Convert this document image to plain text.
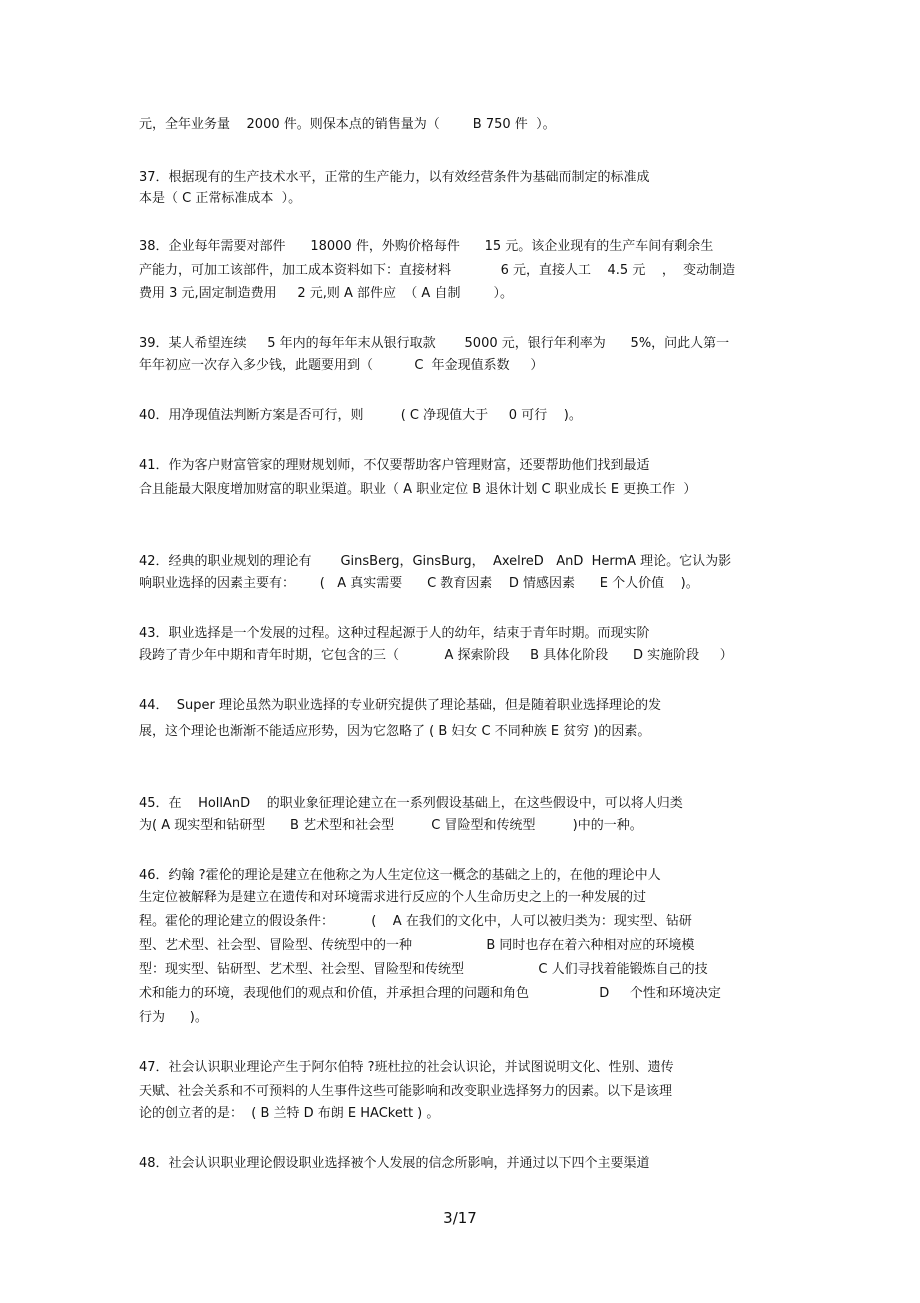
元，全年业务量    2000 件。则保本点的销售量为（        B 750 件  ）。
37．根据现有的生产技术水平，正常的生产能力，以有效经营条件为基础而制定的标准成
本是（ C 正常标准成本  ）。
38．企业每年需要对部件      18000 件，外购价格每件      15 元。该企业现有的生产车间有剩余生
产能力，可加工该部件，加工成本资料如下：直接材料            6 元，直接人工    4.5 元    ，  变动制造
费用 3 元,固定制造费用     2 元,则 A 部件应  （ A 自制        ）。
39．某人希望连续     5 年内的每年年末从银行取款       5000 元，银行年利率为      5%，问此人第一
年年初应一次存入多少钱，此题要用到（          C  年金现值系数     ）
40．用净现值法判断方案是否可行，则         ( C 净现值大于     0 可行    )。
41．作为客户财富管家的理财规划师，不仅要帮助客户管理财富，还要帮助他们找到最适
合且能最大限度增加财富的职业渠道。职业（ A 职业定位 B 退休计划 C 职业成长 E 更换工作  ）
42．经典的职业规划的理论有       GinsBerg，GinsBurg，  AxelreD   AnD  HermA 理论。它认为影
响职业选择的因素主要有：      (   A 真实需要      C 教育因素    D 情感因素      E 个人价值    )。
43．职业选择是一个发展的过程。这种过程起源于人的幼年，结束于青年时期。而现实阶
段跨了青少年中期和青年时期，它包含的三（           A 探索阶段     B 具体化阶段      D 实施阶段     ）
44．  Super 理论虽然为职业选择的专业研究提供了理论基础，但是随着职业选择理论的发
展，这个理论也渐渐不能适应形势，因为它忽略了 ( B 妇女 C 不同种族 E 贫穷 )的因素。
45．在    HollAnD    的职业象征理论建立在一系列假设基础上，在这些假设中，可以将人归类
为( A 现实型和钻研型      B 艺术型和社会型         C 冒险型和传统型         )中的一种。
46．约翰 ?霍伦的理论是建立在他称之为人生定位这一概念的基础之上的，在他的理论中人
生定位被解释为是建立在遗传和对环境需求进行反应的个人生命历史之上的一种发展的过
程。霍伦的理论建立的假设条件：         (    A 在我们的文化中，人可以被归类为：现实型、钻研
型、艺术型、社会型、冒险型、传统型中的一种                  B 同时也存在着六种相对应的环境模
型：现实型、钻研型、艺术型、社会型、冒险型和传统型                  C 人们寻找着能锻炼自己的技
术和能力的环境，表现他们的观点和价值，并承担合理的问题和角色                 D     个性和环境决定
行为      )。
47．社会认识职业理论产生于阿尔伯特 ?班杜拉的社会认识论，并试图说明文化、性别、遗传
天赋、社会关系和不可预料的人生事件这些可能影响和改变职业选择努力的因素。以下是该理
论的创立者的是：  ( B 兰特 D 布朗 E HACkett ) 。
48．社会认识职业理论假设职业选择被个人发展的信念所影响，并通过以下四个主要渠道
3/17
